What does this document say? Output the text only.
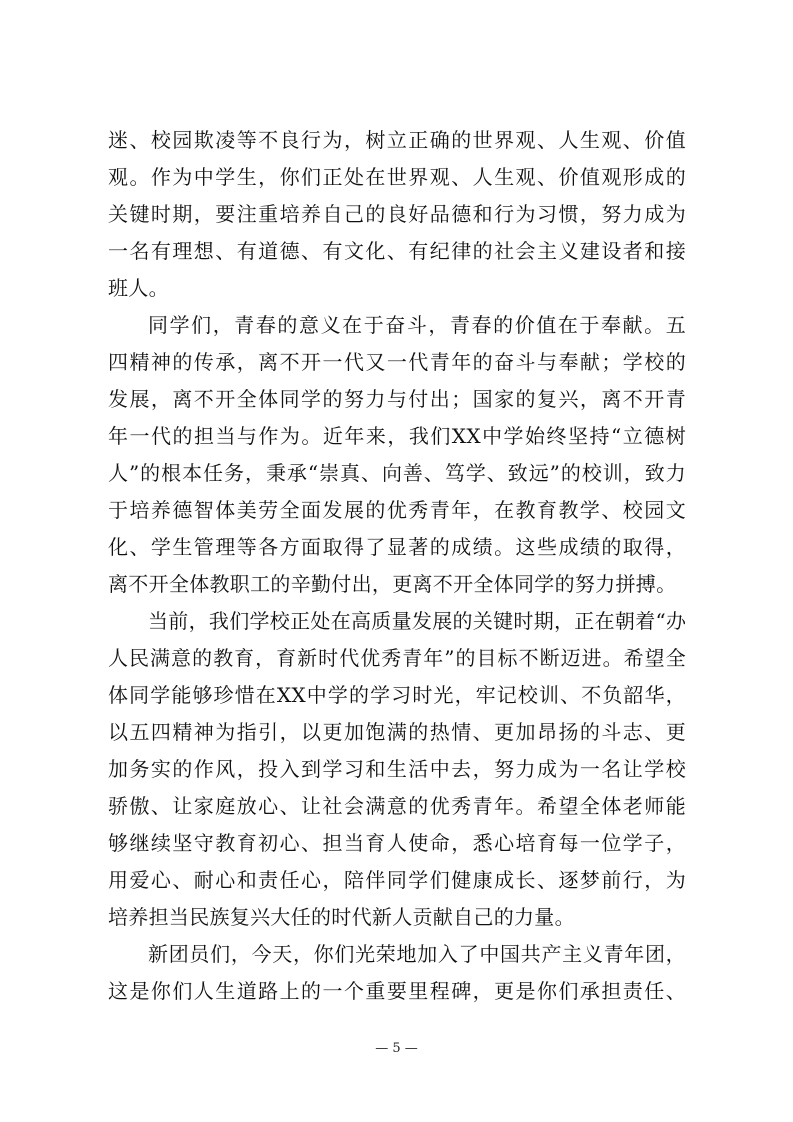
迷、校园欺凌等不良行为，树立正确的世界观、人生观、价值
观。作为中学生，你们正处在世界观、人生观、价值观形成的
关键时期，要注重培养自己的良好品德和行为习惯，努力成为
一名有理想、有道德、有文化、有纪律的社会主义建设者和接
班人。
同学们，青春的意义在于奋斗，青春的价值在于奉献。五
四精神的传承，离不开一代又一代青年的奋斗与奉献；学校的
发展，离不开全体同学的努力与付出；国家的复兴，离不开青
年一代的担当与作为。近年来，我们XX中学始终坚持“立德树
人”的根本任务，秉承“崇真、向善、笃学、致远”的校训，致力
于培养德智体美劳全面发展的优秀青年，在教育教学、校园文
化、学生管理等各方面取得了显著的成绩。这些成绩的取得，
离不开全体教职工的辛勤付出，更离不开全体同学的努力拼搏。
当前，我们学校正处在高质量发展的关键时期，正在朝着“办
人民满意的教育，育新时代优秀青年”的目标不断迈进。希望全
体同学能够珍惜在XX中学的学习时光，牢记校训、不负韶华，
以五四精神为指引，以更加饱满的热情、更加昂扬的斗志、更
加务实的作风，投入到学习和生活中去，努力成为一名让学校
骄傲、让家庭放心、让社会满意的优秀青年。希望全体老师能
够继续坚守教育初心、担当育人使命，悉心培育每一位学子，
用爱心、耐心和责任心，陪伴同学们健康成长、逐梦前行，为
培养担当民族复兴大任的时代新人贡献自己的力量。
新团员们，今天，你们光荣地加入了中国共产主义青年团，
这是你们人生道路上的一个重要里程碑，更是你们承担责任、
— 5 —
